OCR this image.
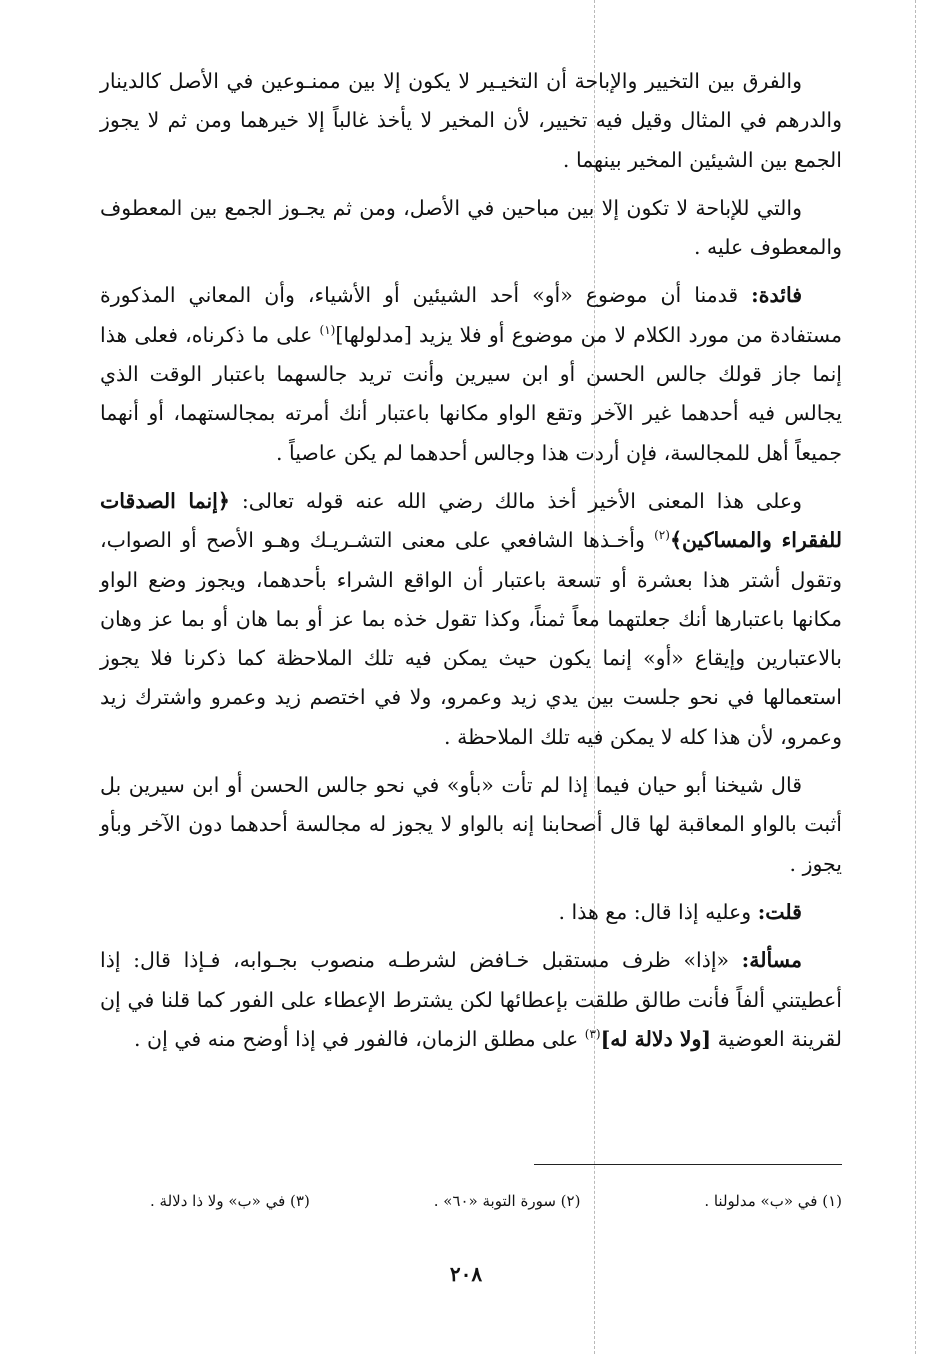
والفرق بين التخيير والإباحة أن التخيـير لا يكون إلا بين ممنـوعين في الأصل كالدينار والدرهم في المثال وقيل فيه تخيير، لأن المخير لا يأخذ غالباً إلا خيرهما ومن ثم لا يجوز الجمع بين الشيئين المخير بينهما .

والتي للإباحة لا تكون إلا بين مباحين في الأصل، ومن ثم يجـوز الجمع بين المعطوف والمعطوف عليه .

فائدة: قدمنا أن موضوع «أو» أحد الشيئين أو الأشياء، وأن المعاني المذكورة مستفادة من مورد الكلام لا من موضوع أو فلا يزيد [مدلولها]$^{(١)}$ على ما ذكرناه، فعلى هذا إنما جاز قولك جالس الحسن أو ابن سيرين وأنت تريد جالسهما باعتبار الوقت الذي يجالس فيه أحدهما غير الآخر وتقع الواو مكانها باعتبار أنك أمرته بمجالستهما، أو أنهما جميعاً أهل للمجالسة، فإن أردت هذا وجالس أحدهما لم يكن عاصياً .

وعلى هذا المعنى الأخير أخذ مالك رضي الله عنه قوله تعالى: ﴿إنما الصدقات للفقراء والمساكين﴾$^{(٢)}$ وأخـذها الشافعي على معنى التشـريـك وهـو الأصح أو الصواب، وتقول أشتر هذا بعشرة أو تسعة باعتبار أن الواقع الشراء بأحدهما، ويجوز وضع الواو مكانها باعتبارها أنك جعلتهما معاً ثمناً، وكذا تقول خذه بما عز أو بما هان أو بما عز وهان بالاعتبارين وإيقاع «أو» إنما يكون حيث يمكن فيه تلك الملاحظة كما ذكرنا فلا يجوز استعمالها في نحو جلست بين يدي زيد وعمرو، ولا في اختصم زيد وعمرو واشترك زيد وعمرو، لأن هذا كله لا يمكن فيه تلك الملاحظة .

قال شيخنا أبو حيان فيما إذا لم تأت «بأو» في نحو جالس الحسن أو ابن سيرين بل أثبت بالواو المعاقبة لها قال أصحابنا إنه بالواو لا يجوز له مجالسة أحدهما دون الآخر وبأو يجوز .

قلت: وعليه إذا قال: مع هذا .

مسألة: «إذا» ظرف مستقبل خـافض لشرطـه منصوب بجـوابه، فـإذا قال: إذا أعطيتني ألفاً فأنت طالق طلقت بإعطائها لكن يشترط الإعطاء على الفور كما قلنا في إن لقرينة العوضية [ولا دلالة له]$^{(٣)}$ على مطلق الزمان، فالفور في إذا أوضح منه في إن .

(١) في «ب» مدلولنا .
(٢) سورة التوبة «٦٠» .
(٣) في «ب» ولا ذا دلالة .
٢٠٨
